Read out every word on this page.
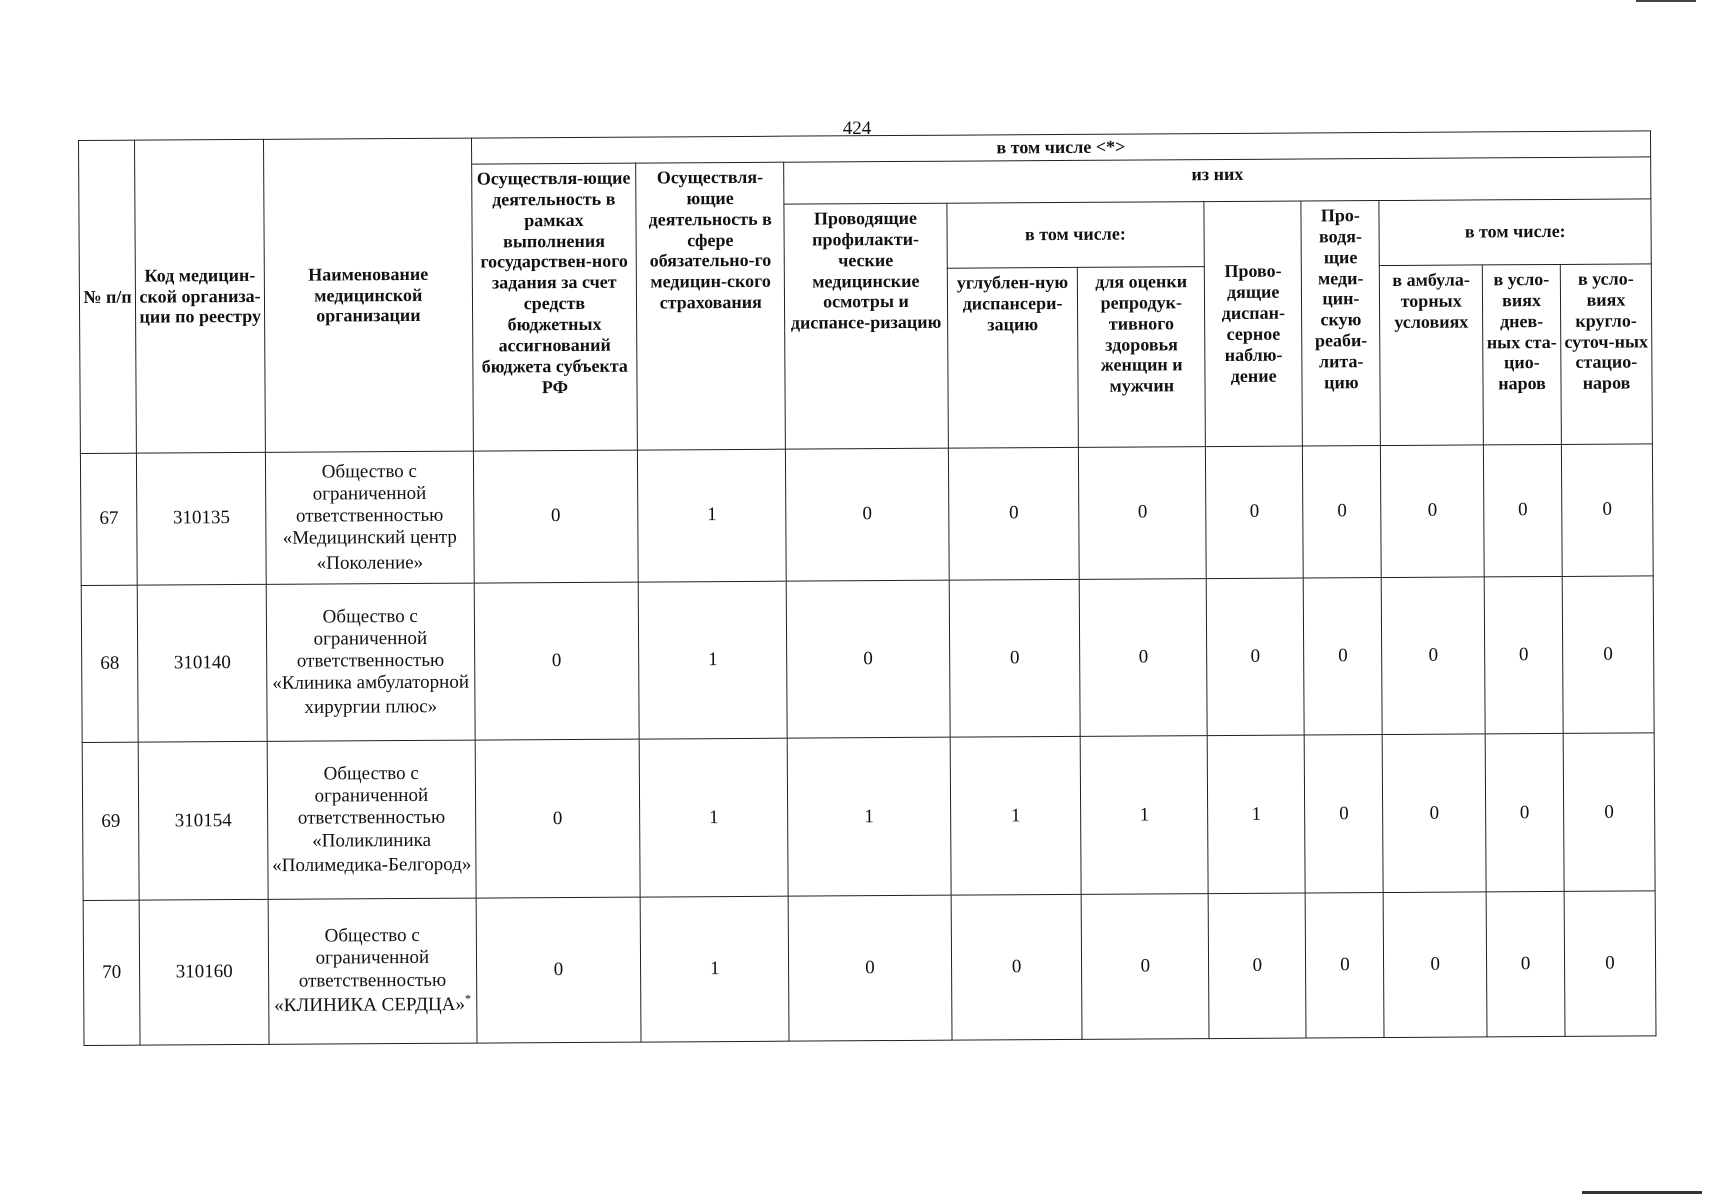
424
№ п/п	Код медицин-ской организа-ции по реестру	Наименование медицинской организации	в том числе <*>									
			Осуществля-ющие деятельность в рамках выполнения государствен-ного задания за счет средств бюджетных ассигнований бюджета субъекта РФ	Осуществля-ющие деятельность в сфере обязательно-го медицин-ского страхования	из них							
					Проводящие профилакти-ческие медицинские осмотры и диспансе-ризацию	в том числе:		Прово-дящие диспан-серное наблю-дение	Про-водя-щие меди-цин-скую реаби-лита-цию	в том числе:		
						углублен-ную диспансери-зацию	для оценки репродук-тивного здоровья женщин и мужчин			в амбула-торных условиях	в усло-виях днев-ных ста-цио-наров	в усло-виях кругло-суточ-ных стацио-наров
67	310135	Общество с ограниченной ответственностью «Медицинский центр «Поколение»	0	1	0	0	0	0	0	0	0	0
68	310140	Общество с ограниченной ответственностью «Клиника амбулаторной хирургии плюс»	0	1	0	0	0	0	0	0	0	0
69	310154	Общество с ограниченной ответственностью «Поликлиника «Полимедика-Белгород»	0	1	1	1	1	1	0	0	0	0
70	310160	Общество с ограниченной ответственностью «КЛИНИКА СЕРДЦА»*	0	1	0	0	0	0	0	0	0	0
